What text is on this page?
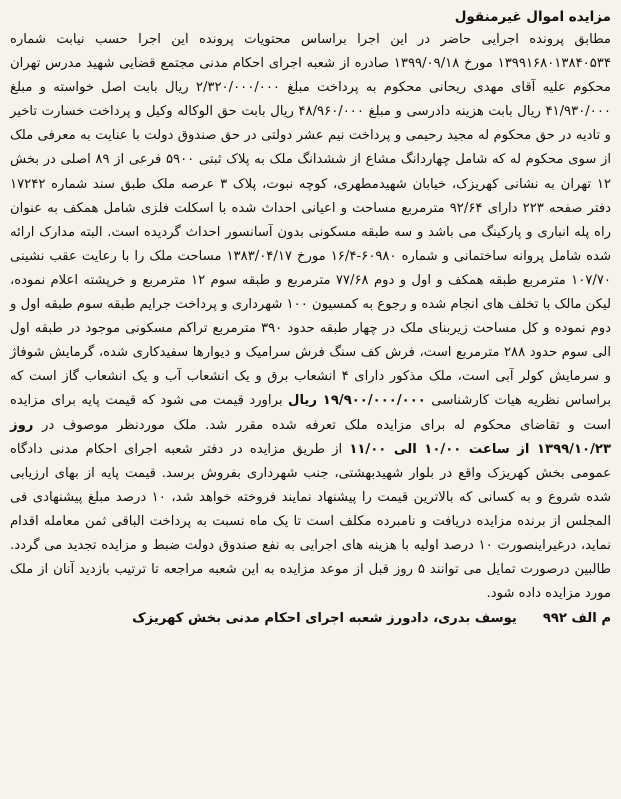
مزایده اموال غیرمنقول

مطابق پرونده اجرایی حاضر در این اجرا براساس محتویات پرونده این اجرا حسب نیابت شماره ۱۳۹۹۱۶۸۰۱۳۸۴۰۵۳۴ مورخ ۱۳۹۹/۰۹/۱۸ صادره از شعبه اجرای احکام مدنی مجتمع قضایی شهید مدرس تهران محکوم علیه آقای مهدی ریحانی محکوم به پرداخت مبلغ ۲/۳۲۰/۰۰۰/۰۰۰ ریال بابت اصل خواسته و مبلغ ۴۱/۹۳۰/۰۰۰ ریال بابت هزینه دادرسی و مبلغ ۴۸/۹۶۰/۰۰۰ ریال بابت حق الوکاله وکیل و پرداخت خسارت تاخیر و تادیه در حق محکوم له مجید رحیمی و پرداخت نیم عشر دولتی در حق صندوق دولت با عنایت به معرفی ملک از سوی محکوم له که شامل چهاردانگ مشاع از ششدانگ ملک به پلاک ثبتی ۵۹۰۰ فرعی از ۸۹ اصلی در بخش ۱۲ تهران به نشانی کهریزک، خیابان شهیدمطهری، کوچه نبوت، پلاک ۳ عرصه ملک طبق سند شماره ۱۷۲۴۲ دفتر صفحه ۲۲۳ دارای ۹۲/۶۴ مترمربع مساحت و اعیانی احداث شده با اسکلت فلزی شامل همکف به عنوان راه پله انباری و پارکینگ می باشد و سه طبقه مسکونی بدون آسانسور احداث گردیده است. البته مدارک ارائه شده شامل پروانه ساختمانی و شماره ۶۰۹۸۰-۱۶/۴ مورخ ۱۳۸۳/۰۴/۱۷ مساحت ملک را با رعایت عقب نشینی ۱۰۷/۷۰ مترمربع طبقه همکف و اول و دوم ۷۷/۶۸ مترمربع و طبقه سوم ۱۲ مترمربع و خرپشته اعلام نموده، لیکن مالک با تخلف های انجام شده و رجوع به کمسیون ۱۰۰ شهرداری و پرداخت جرایم طبقه سوم طبقه اول و دوم نموده و کل مساحت زیربنای ملک در چهار طبقه حدود ۳۹۰ مترمربع تراکم مسکونی موجود در طبقه اول الی سوم حدود ۲۸۸ مترمربع است، فرش کف سنگ فرش سرامیک و دیوارها سفیدکاری شده، گرمایش شوفاژ و سرمایش کولر آبی است، ملک مذکور دارای ۴ انشعاب برق و یک انشعاب آب و یک انشعاب گاز است که براساس نظریه هیات کارشناسی ۱۹/۹۰۰/۰۰۰/۰۰۰ ریال براورد قیمت می شود که قیمت پایه برای مزایده است و تقاضای محکوم له برای مزایده ملک تعرفه شده مقرر شد. ملک موردنظر موصوف در روز ۱۳۹۹/۱۰/۲۳ از ساعت ۱۰/۰۰ الی ۱۱/۰۰ از طریق مزایده در دفتر شعبه اجرای احکام مدنی دادگاه عمومی بخش کهریزک واقع در بلوار شهیدبهشتی، جنب شهرداری بفروش برسد. قیمت پایه از بهای ارزیابی شده شروع و به کسانی که بالاترین قیمت را پیشنهاد نمایند فروخته خواهد شد، ۱۰ درصد مبلغ پیشنهادی فی المجلس از برنده مزایده دریافت و نامبرده مکلف است تا یک ماه نسبت به پرداخت الباقی ثمن معامله اقدام نماید، درغیراینصورت ۱۰ درصد اولیه با هزینه های اجرایی به نفع صندوق دولت ضبط و مزایده تجدید می گردد. طالبین درصورت تمایل می توانند ۵ روز قبل از موعد مزایده به این شعبه مراجعه تا ترتیب بازدید آنان از ملک مورد مزایده داده شود.

م الف ۹۹۲
یوسف بدری، دادورز شعبه اجرای احکام مدنی بخش کهریزک
